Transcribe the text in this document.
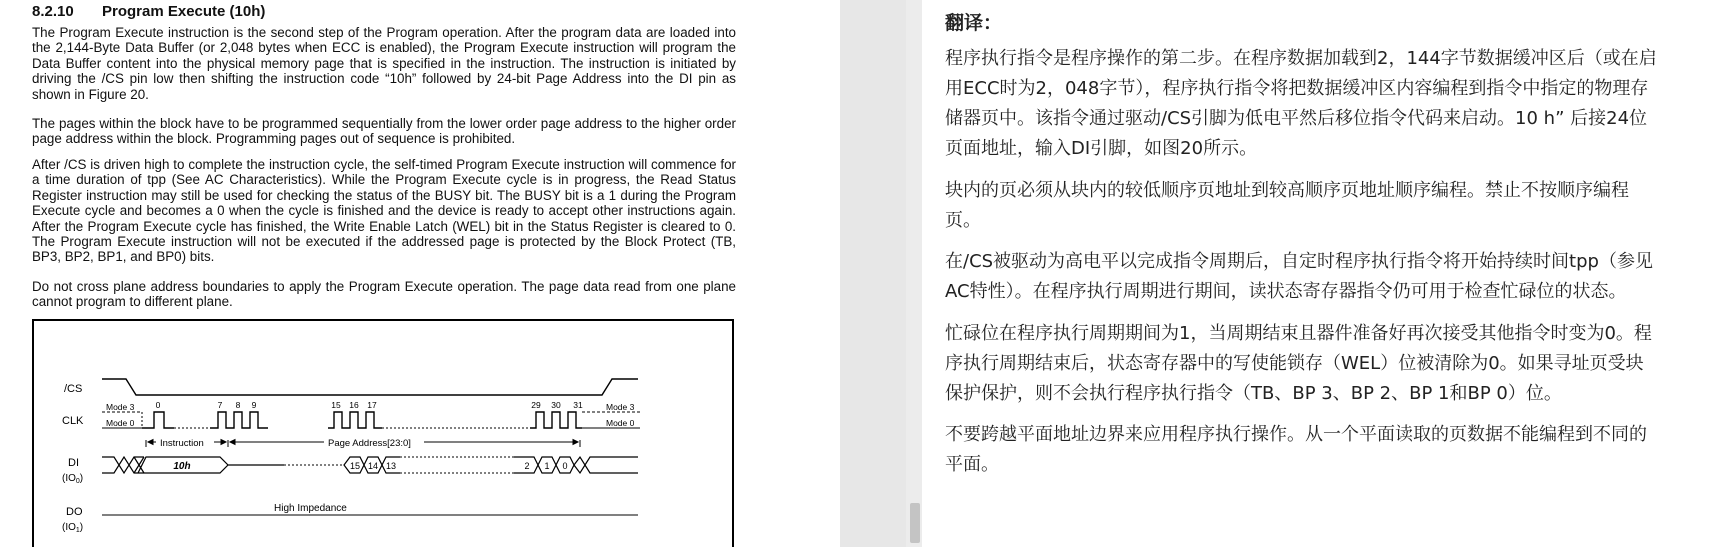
8.2.10 Program Execute (10h)
The Program Execute instruction is the second step of the Program operation. After the program data are loaded into the 2,144-Byte Data Buffer (or 2,048 bytes when ECC is enabled), the Program Execute instruction will program the Data Buffer content into the physical memory page that is specified in the instruction. The instruction is initiated by driving the /CS pin low then shifting the instruction code “10h” followed by 24-bit Page Address into the DI pin as shown in Figure 20.
The pages within the block have to be programmed sequentially from the lower order page address to the higher order page address within the block. Programming pages out of sequence is prohibited.
After /CS is driven high to complete the instruction cycle, the self-timed Program Execute instruction will commence for a time duration of tpp (See AC Characteristics). While the Program Execute cycle is in progress, the Read Status Register instruction may still be used for checking the status of the BUSY bit. The BUSY bit is a 1 during the Program Execute cycle and becomes a 0 when the cycle is finished and the device is ready to accept other instructions again. After the Program Execute cycle has finished, the Write Enable Latch (WEL) bit in the Status Register is cleared to 0. The Program Execute instruction will not be executed if the addressed page is protected by the Block Protect (TB, BP3, BP2, BP1, and BP0) bits.
Do not cross plane address boundaries to apply the Program Execute operation. The page data read from one plane cannot program to different plane.
/CS
CLK
DI
$(IO_0)$
DO
$(IO_1)$
Mode 3
Mode 0
Mode 3
Mode 0
0	7 8 9	15 16 17	29 30 31
Instruction	Page Address[23:0]
10h	15 14 13	2 1 0
High Impedance
翻译：
程序执行指令是程序操作的第二步。在程序数据加载到2，144字节数据缓冲区后（或在启
用ECC时为2，048字节），程序执行指令将把数据缓冲区内容编程到指令中指定的物理存
储器页中。该指令通过驱动/CS引脚为低电平然后移位指令代码来启动。10 h” 后接24位
页面地址，输入DI引脚，如图20所示。
块内的页必须从块内的较低顺序页地址到较高顺序页地址顺序编程。禁止不按顺序编程
页。
在/CS被驱动为高电平以完成指令周期后，自定时程序执行指令将开始持续时间tpp（参见
AC特性）。在程序执行周期进行期间，读状态寄存器指令仍可用于检查忙碌位的状态。
忙碌位在程序执行周期期间为1，当周期结束且器件准备好再次接受其他指令时变为0。程
序执行周期结束后，状态寄存器中的写使能锁存（WEL）位被清除为0。如果寻址页受块
保护保护，则不会执行程序执行指令（TB、BP 3、BP 2、BP 1和BP 0）位。
不要跨越平面地址边界来应用程序执行操作。从一个平面读取的页数据不能编程到不同的
平面。
